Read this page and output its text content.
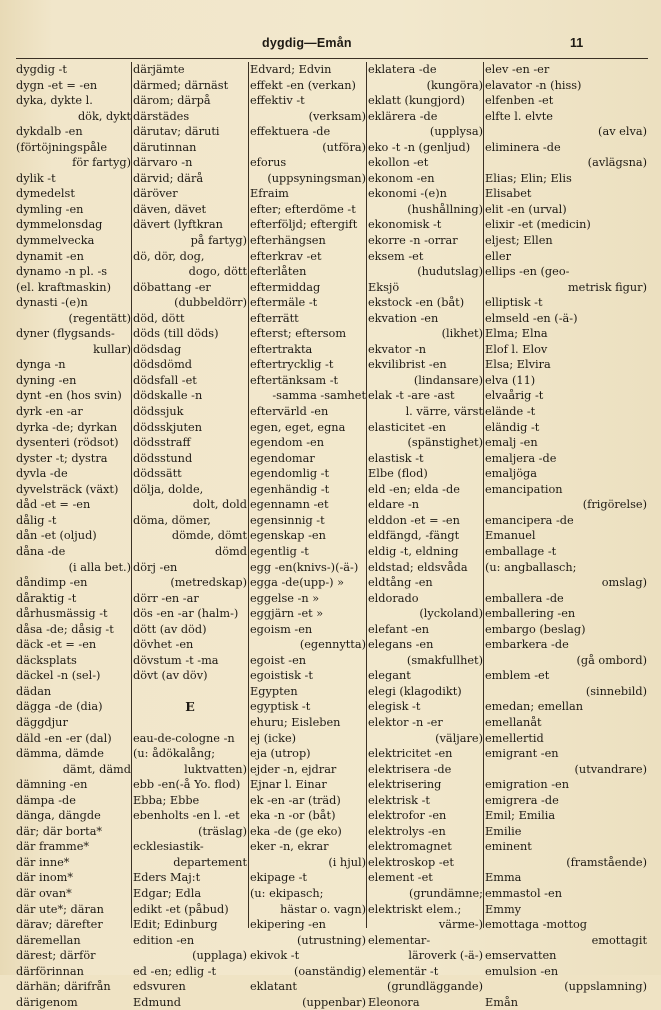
dygdig—Emån	11
dygdig -t
dygn -et = -en
dyka, dykte l.
dök, dykt
dykdalb -en
(förtöjningspåle
för fartyg)
dylik -t
dymedelst
dymling -en
dymmelonsdag
dymmelvecka
dynamit -en
dynamo -n pl. -s
(el. kraftmaskin)
dynasti -(e)n
(regentätt)
dyner (flygsands-
kullar)
dynga -n
dyning -en
dynt -en (hos svin)
dyrk -en -ar
dyrka -de; dyrkan
dysenteri (rödsot)
dyster -t; dystra
dyvla -de
dyvelsträck (växt)
dåd -et = -en
dålig -t
dån -et (oljud)
dåna -de
(i alla bet.)
dåndimp -en
dåraktig -t
dårhusmässig -t
dåsa -de; dåsig -t
däck -et = -en
däcksplats
däckel -n (sel-)
dädan
dägga -de (dia)
däggdjur
däld -en -er (dal)
dämma, dämde
dämt, dämd
dämning -en
dämpa -de
dänga, dängde
där; där borta*
där framme*
där inne*
där inom*
där ovan*
där ute*; däran
därav; därefter
däremellan
därest; därför
därförinnan
därhän; därifrån
därigenom
därjämte
därmed; därnäst
därom; därpå
därstädes
därutav; däruti
därutinnan
därvaro -n
därvid; därå
däröver
däven, dävet
dävert (lyftkran
på fartyg)
dö, dör, dog,
dogo, dött
döbattang -er
(dubbeldörr)
död, dött
döds (till döds)
dödsdag
dödsdömd
dödsfall -et
dödskalle -n
dödssjuk
dödsskjuten
dödsstraff
dödsstund
dödssätt
dölja, dolde,
dolt, dold
döma, dömer,
dömde, dömt
dömd
dörj -en
(metredskap)
dörr -en -ar
dös -en -ar (halm-)
dött (av död)
dövhet -en
dövstum -t -ma
dövt (av döv)
E
eau-de-cologne -n
(u: ådökalång;
luktvatten)
ebb -en(-å Yo. flod)
Ebba; Ebbe
ebenholts -en l. -et
(träslag)
ecklesiastik-
departement
Eders Maj:t
Edgar; Edla
edikt -et (påbud)
Edit; Edinburg
edition -en
(upplaga)
ed -en; edlig -t
edsvuren
Edmund
Edvard; Edvin
effekt -en (verkan)
effektiv -t
(verksam)
effektuera -de
(utföra)
eforus
(uppsyningsman)
Efraim
efter; efterdöme -t
efterföljd; eftergift
efterhängsen
efterkrav -et
efterlåten
eftermiddag
eftermäle -t
efterrätt
efterst; eftersom
eftertrakta
eftertrycklig -t
eftertänksam -t
-samma -samhet
eftervärld -en
egen, eget, egna
egendom -en
egendomar
egendomlig -t
egenhändig -t
egennamn -et
egensinnig -t
egenskap -en
egentlig -t
egg -en(knivs-)(-ä-)
egga -de(upp-) »
eggelse -n »
eggjärn -et »
egoism -en
(egennytta)
egoist -en
egoistisk -t
Egypten
egyptisk -t
ehuru; Eisleben
ej (icke)
eja (utrop)
ejder -n, ejdrar
Ejnar l. Einar
ek -en -ar (träd)
eka -n -or (båt)
eka -de (ge eko)
eker -n, ekrar
(i hjul)
ekipage -t
(u: ekipasch;
hästar o. vagn)
ekipering -en
(utrustning)
ekivok -t
(oanständig)
eklatant
(uppenbar)
eklatera -de
(kungöra)
eklatt (kungjord)
eklärera -de
(upplysa)
eko -t -n (genljud)
ekollon -et
ekonom -en
ekonomi -(e)n
(hushållning)
ekonomisk -t
ekorre -n -orrar
eksem -et
(hudutslag)
Eksjö
ekstock -en (båt)
ekvation -en
(likhet)
ekvator -n
ekvilibrist -en
(lindansare)
elak -t -are -ast
l. värre, värst
elasticitet -en
(spänstighet)
elastisk -t
Elbe (flod)
eld -en; elda -de
eldare -n
elddon -et = -en
eldfängd, -fängt
eldig -t, eldning
eldstad; eldsvåda
eldtång -en
eldorado
(lyckoland)
elefant -en
elegans -en
(smakfullhet)
elegant
elegi (klagodikt)
elegisk -t
elektor -n -er
(väljare)
elektricitet -en
elektrisera -de
elektrisering
elektrisk -t
elektrofor -en
elektrolys -en
elektromagnet
elektroskop -et
element -et
(grundämne;
elektriskt elem.;
värme-)
elementar-
läroverk (-ä-)
elementär -t
(grundläggande)
Eleonora
elev -en -er
elavator -n (hiss)
elfenben -et
elfte l. elvte
(av elva)
eliminera -de
(avlägsna)
Elias; Elin; Elis
Elisabet
elit -en (urval)
elixir -et (medicin)
eljest; Ellen
eller
ellips -en (geo-
metrisk figur)
elliptisk -t
elmseld -en (-ä-)
Elma; Elna
Elof l. Elov
Elsa; Elvira
elva (11)
elvaårig -t
elände -t
eländig -t
emalj -en
emaljera -de
emaljöga
emancipation
(frigörelse)
emancipera -de
Emanuel
emballage -t
(u: angballasch;
omslag)
emballera -de
emballering -en
embargo (beslag)
embarkera -de
(gå ombord)
emblem -et
(sinnebild)
emedan; emellan
emellanåt
emellertid
emigrant -en
(utvandrare)
emigration -en
emigrera -de
Emil; Emilia
Emilie
eminent
(framstående)
Emma
emmastol -en
Emmy
emottaga -mottog
emottagit
emservatten
emulsion -en
(uppslamning)
Emån
